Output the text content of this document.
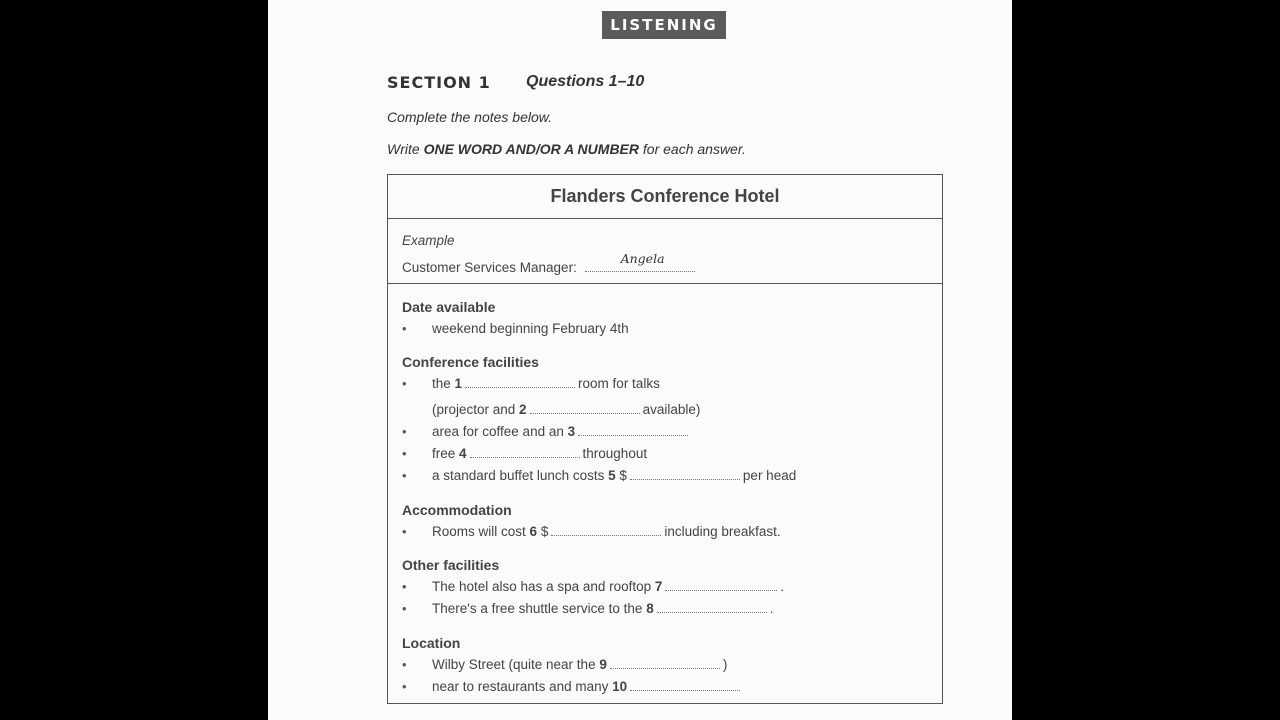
LISTENING
SECTION 1 Questions 1–10
Complete the notes below.
Write ONE WORD AND/OR A NUMBER for each answer.
Flanders Conference Hotel
Example
Customer Services Manager:
Angela
Date available
• weekend beginning February 4th
Conference facilities
• the 1	room for talks
(projector and 2	available)
• area for coffee and an 3
• free 4	throughout
• a standard buffet lunch costs 5 $	per head
Accommodation
• Rooms will cost 6 $	including breakfast.
Other facilities
• The hotel also has a spa and rooftop 7	.
• There's a free shuttle service to the 8	.
Location
• Wilby Street (quite near the 9	)
• near to restaurants and many 10
